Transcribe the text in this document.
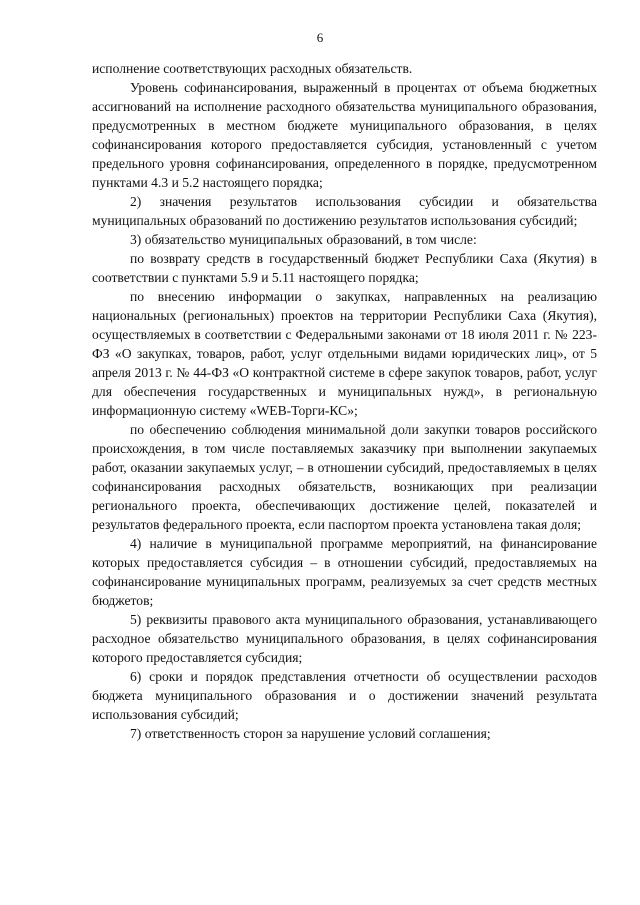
6

исполнение соответствующих расходных обязательств.

Уровень софинансирования, выраженный в процентах от объема бюджетных ассигнований на исполнение расходного обязательства муниципального образования, предусмотренных в местном бюджете муниципального образования, в целях софинансирования которого предоставляется субсидия, установленный с учетом предельного уровня софинансирования, определенного в порядке, предусмотренном пунктами 4.3 и 5.2 настоящего порядка;

2) значения результатов использования субсидии и обязательства муниципальных образований по достижению результатов использования субсидий;

3) обязательство муниципальных образований, в том числе:

по возврату средств в государственный бюджет Республики Саха (Якутия) в соответствии с пунктами 5.9 и 5.11 настоящего порядка;

по внесению информации о закупках, направленных на реализацию национальных (региональных) проектов на территории Республики Саха (Якутия), осуществляемых в соответствии с Федеральными законами от 18 июля 2011 г. № 223-ФЗ «О закупках, товаров, работ, услуг отдельными видами юридических лиц», от 5 апреля 2013 г. № 44-ФЗ «О контрактной системе в сфере закупок товаров, работ, услуг для обеспечения государственных и муниципальных нужд», в региональную информационную систему «WEB-Торги-КС»;

по обеспечению соблюдения минимальной доли закупки товаров российского происхождения, в том числе поставляемых заказчику при выполнении закупаемых работ, оказании закупаемых услуг, – в отношении субсидий, предоставляемых в целях софинансирования расходных обязательств, возникающих при реализации регионального проекта, обеспечивающих достижение целей, показателей и результатов федерального проекта, если паспортом проекта установлена такая доля;

4) наличие в муниципальной программе мероприятий, на финансирование которых предоставляется субсидия – в отношении субсидий, предоставляемых на софинансирование муниципальных программ, реализуемых за счет средств местных бюджетов;

5) реквизиты правового акта муниципального образования, устанавливающего расходное обязательство муниципального образования, в целях софинансирования которого предоставляется субсидия;

6) сроки и порядок представления отчетности об осуществлении расходов бюджета муниципального образования и о достижении значений результата использования субсидий;

7) ответственность сторон за нарушение условий соглашения;
